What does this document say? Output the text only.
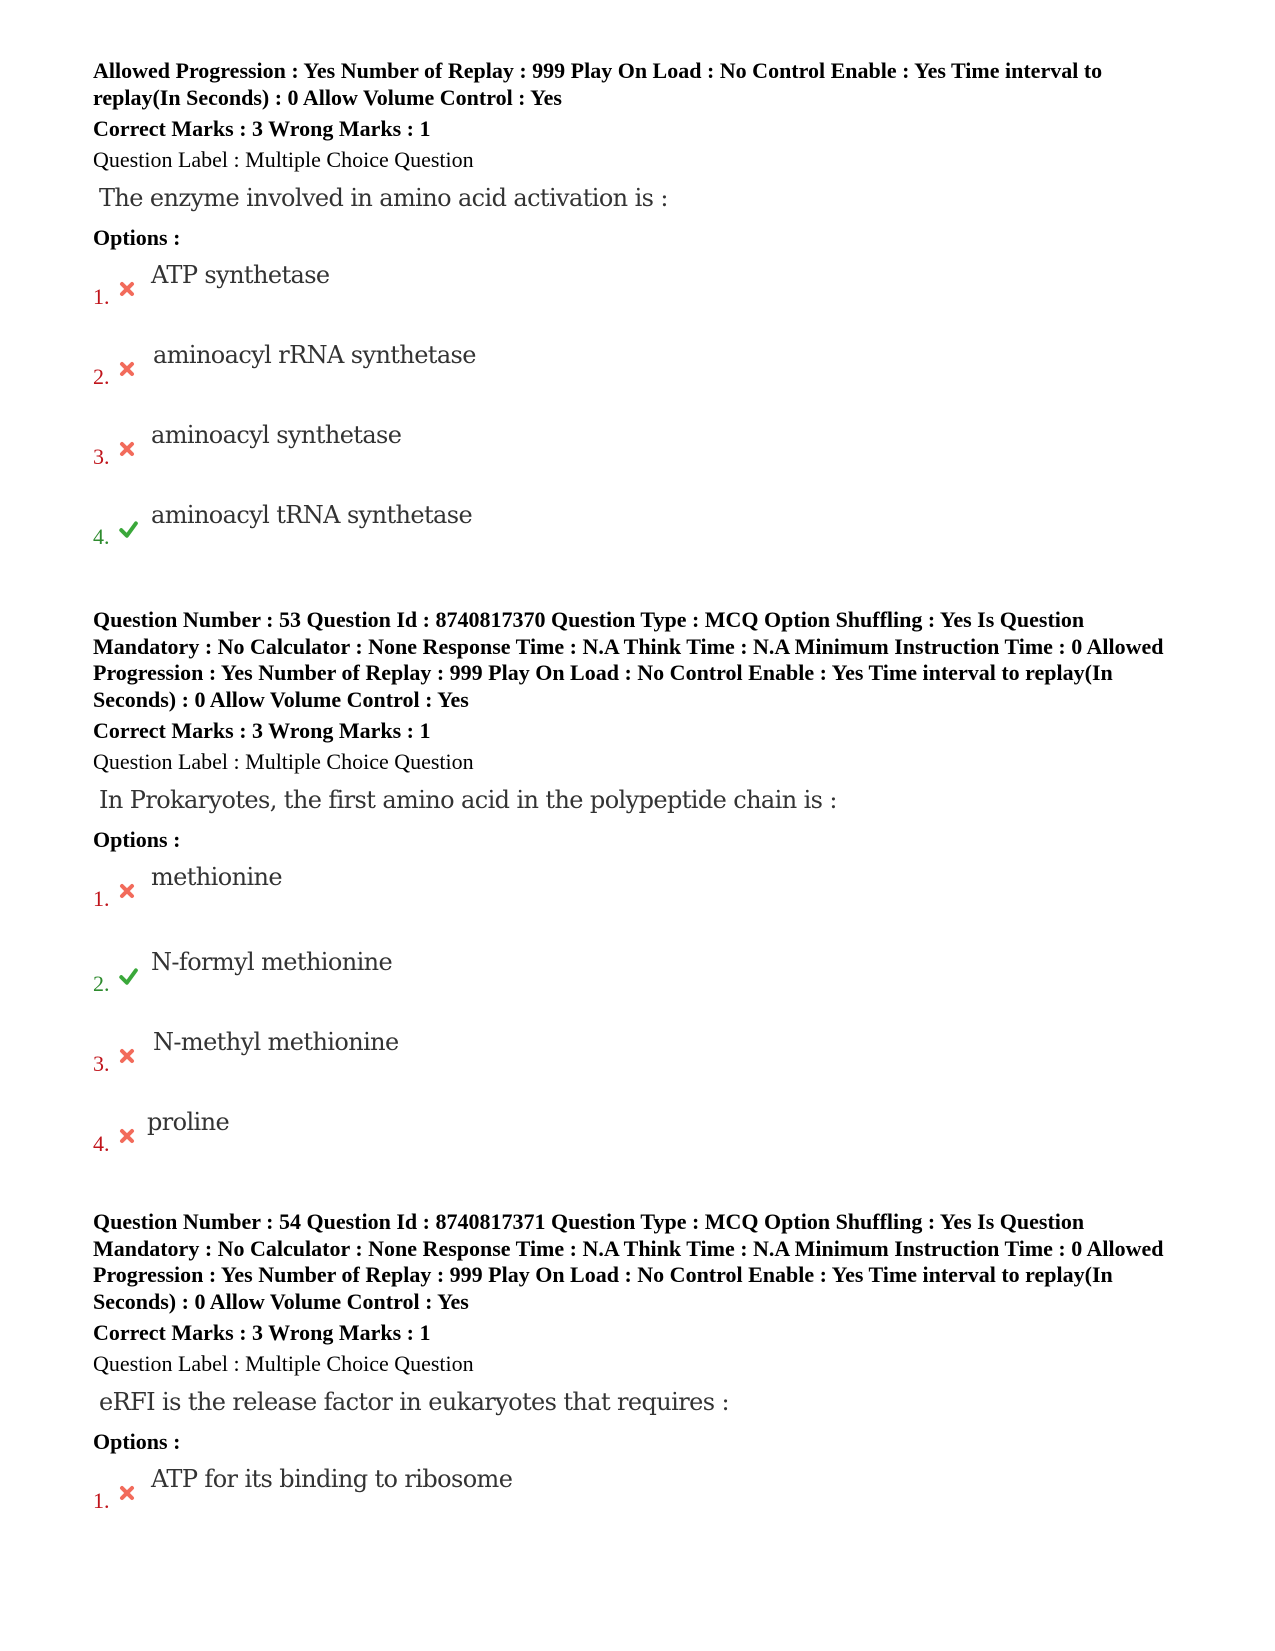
Allowed Progression : Yes Number of Replay : 999 Play On Load : No Control Enable : Yes Time interval to replay(In Seconds) : 0 Allow Volume Control : Yes
Correct Marks : 3 Wrong Marks : 1
Question Label : Multiple Choice Question
The enzyme involved in amino acid activation is :
Options :
1.
ATP synthetase
2.
aminoacyl rRNA synthetase
3.
aminoacyl synthetase
4.
aminoacyl tRNA synthetase
Question Number : 53 Question Id : 8740817370 Question Type : MCQ Option Shuffling : Yes Is Question Mandatory : No Calculator : None Response Time : N.A Think Time : N.A Minimum Instruction Time : 0 Allowed Progression : Yes Number of Replay : 999 Play On Load : No Control Enable : Yes Time interval to replay(In Seconds) : 0 Allow Volume Control : Yes
Correct Marks : 3 Wrong Marks : 1
Question Label : Multiple Choice Question
In Prokaryotes, the first amino acid in the polypeptide chain is :
Options :
1.
methionine
2.
N-formyl methionine
3.
N-methyl methionine
4.
proline
Question Number : 54 Question Id : 8740817371 Question Type : MCQ Option Shuffling : Yes Is Question Mandatory : No Calculator : None Response Time : N.A Think Time : N.A Minimum Instruction Time : 0 Allowed Progression : Yes Number of Replay : 999 Play On Load : No Control Enable : Yes Time interval to replay(In Seconds) : 0 Allow Volume Control : Yes
Correct Marks : 3 Wrong Marks : 1
Question Label : Multiple Choice Question
eRFI is the release factor in eukaryotes that requires :
Options :
1.
ATP for its binding to ribosome
